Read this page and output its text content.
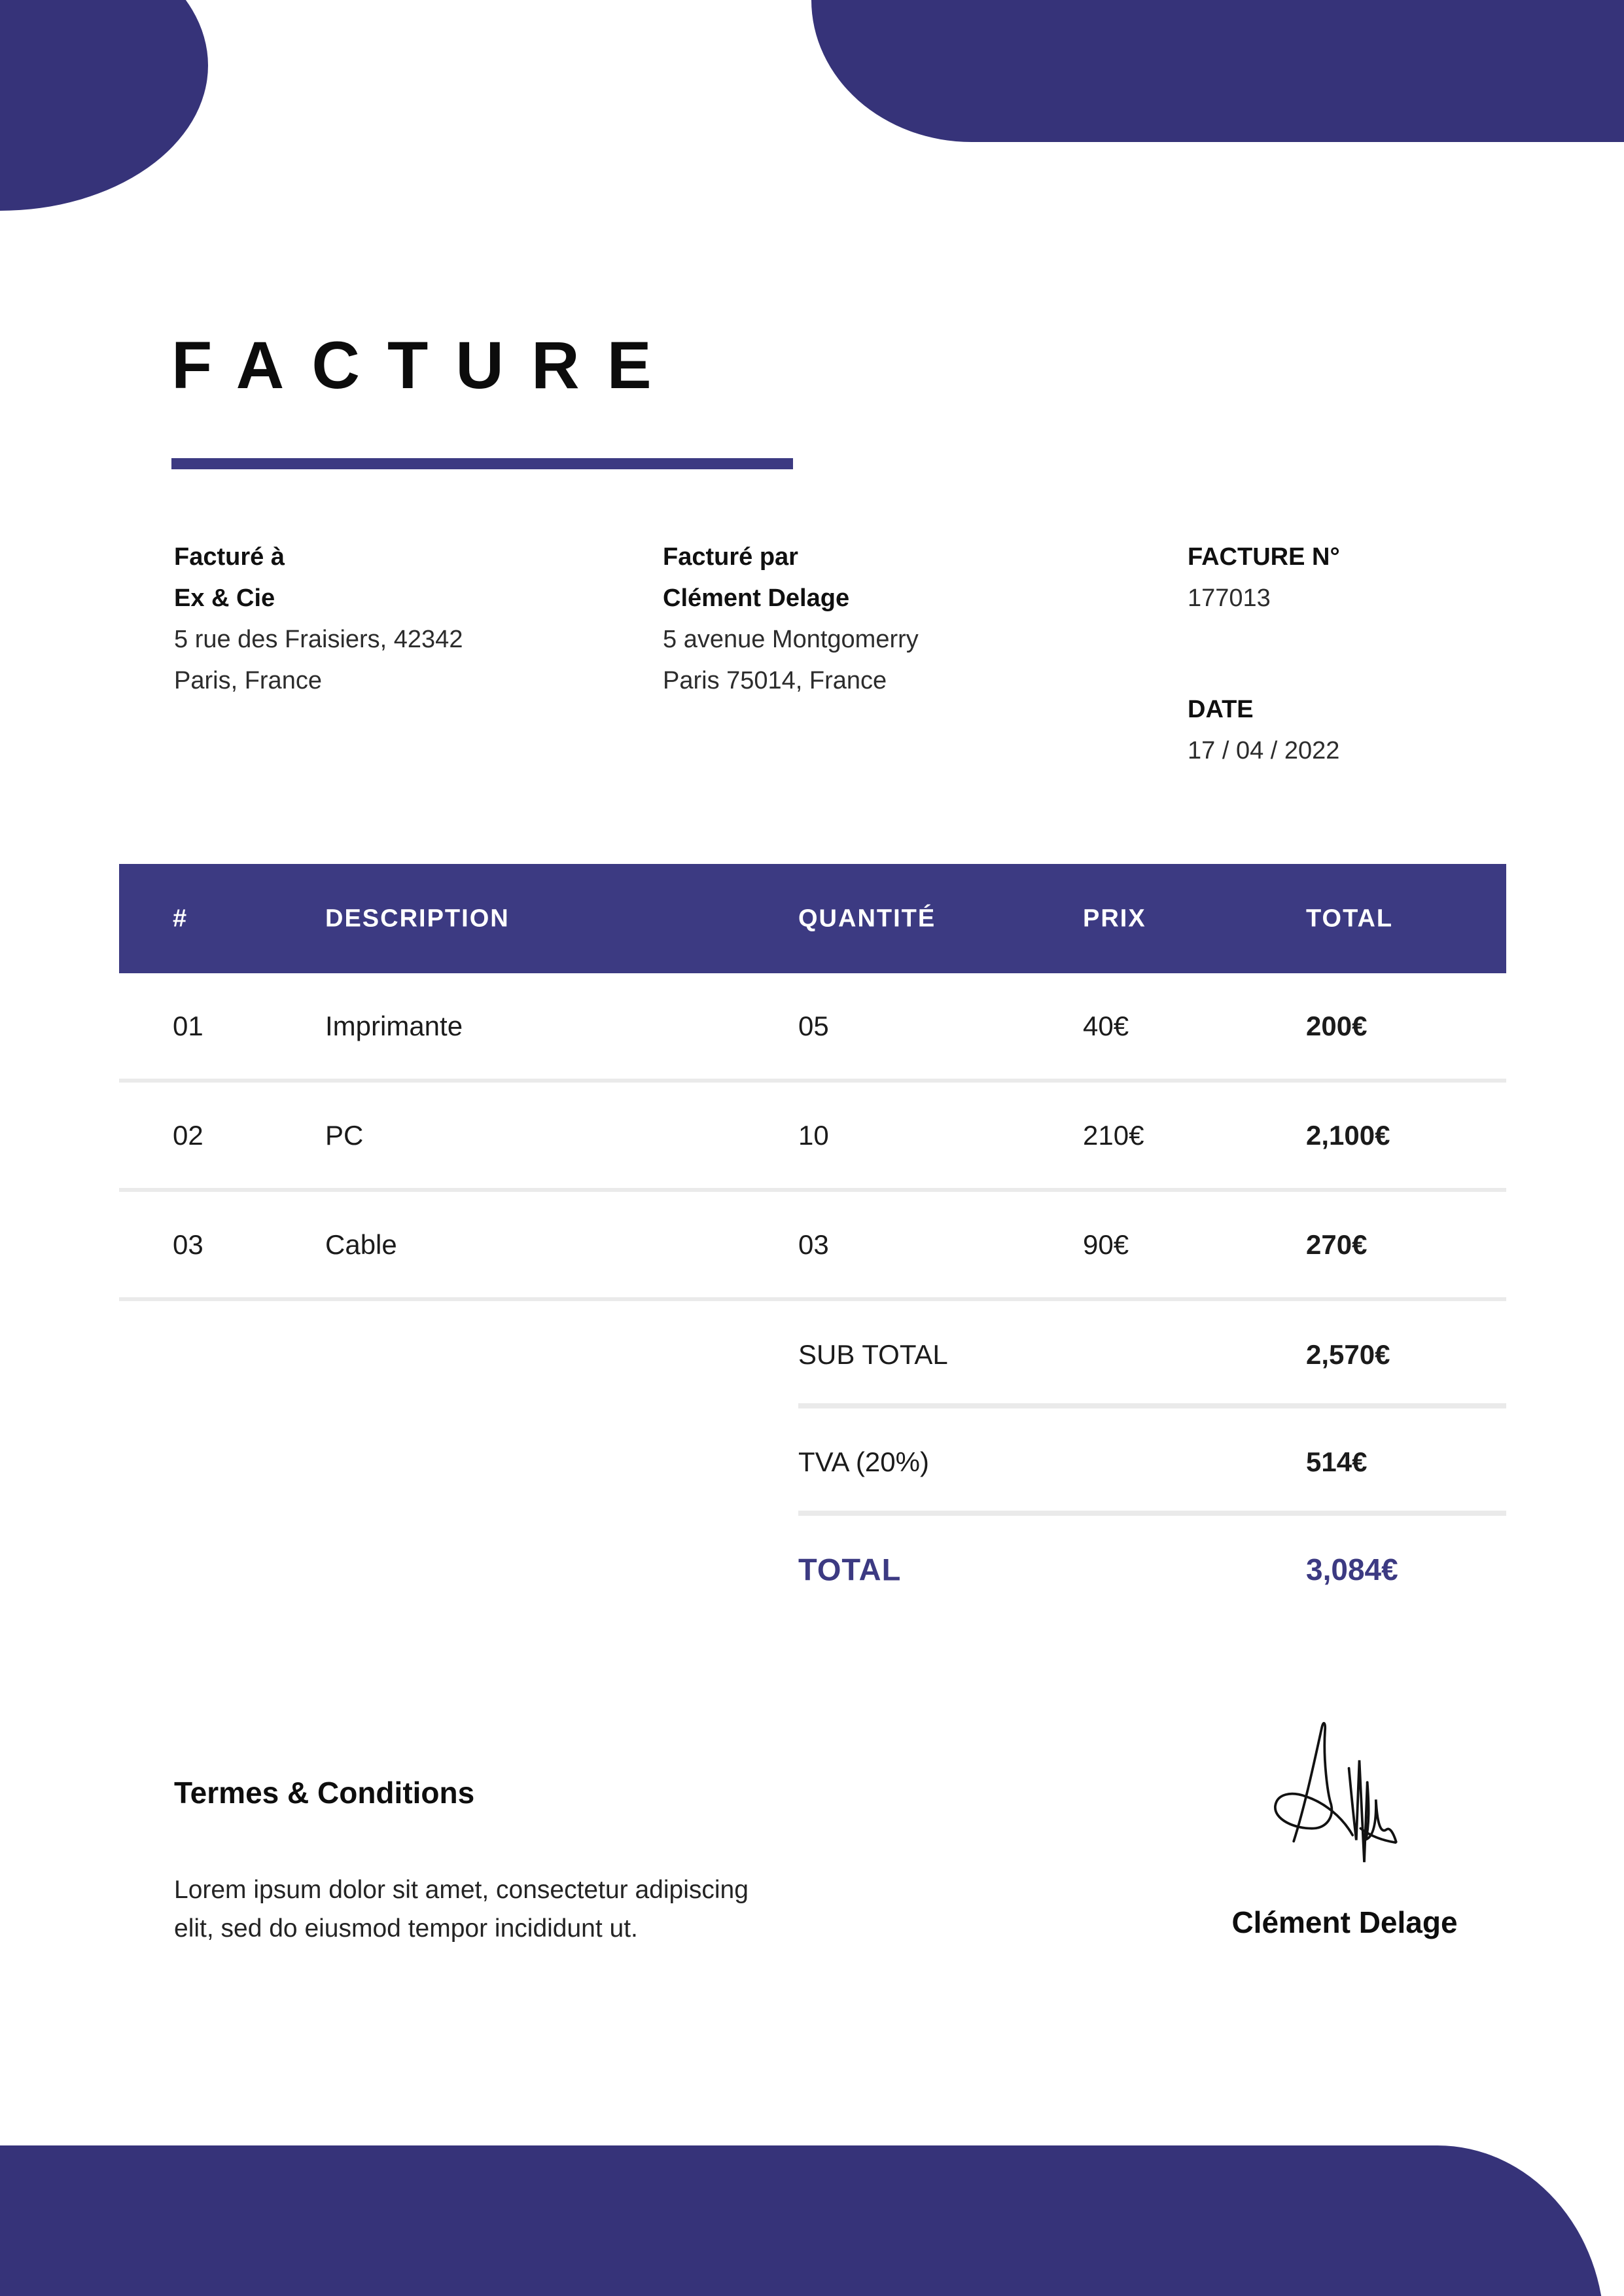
FACTURE
Facturé à
Ex & Cie
5 rue des Fraisiers, 42342
Paris, France
Facturé par
Clément Delage
5 avenue Montgomerry
Paris 75014, France
FACTURE N°
177013
DATE
17 / 04 / 2022
#	DESCRIPTION	QUANTITÉ	PRIX	TOTAL
01	Imprimante	05	40€	200€
02	PC	10	210€	2,100€
03	Cable	03	90€	270€
SUB TOTAL	2,570€
TVA (20%)	514€
TOTAL	3,084€
Termes & Conditions

Lorem ipsum dolor sit amet, consectetur adipiscing elit, sed do eiusmod tempor incididunt ut.	Clément Delage
